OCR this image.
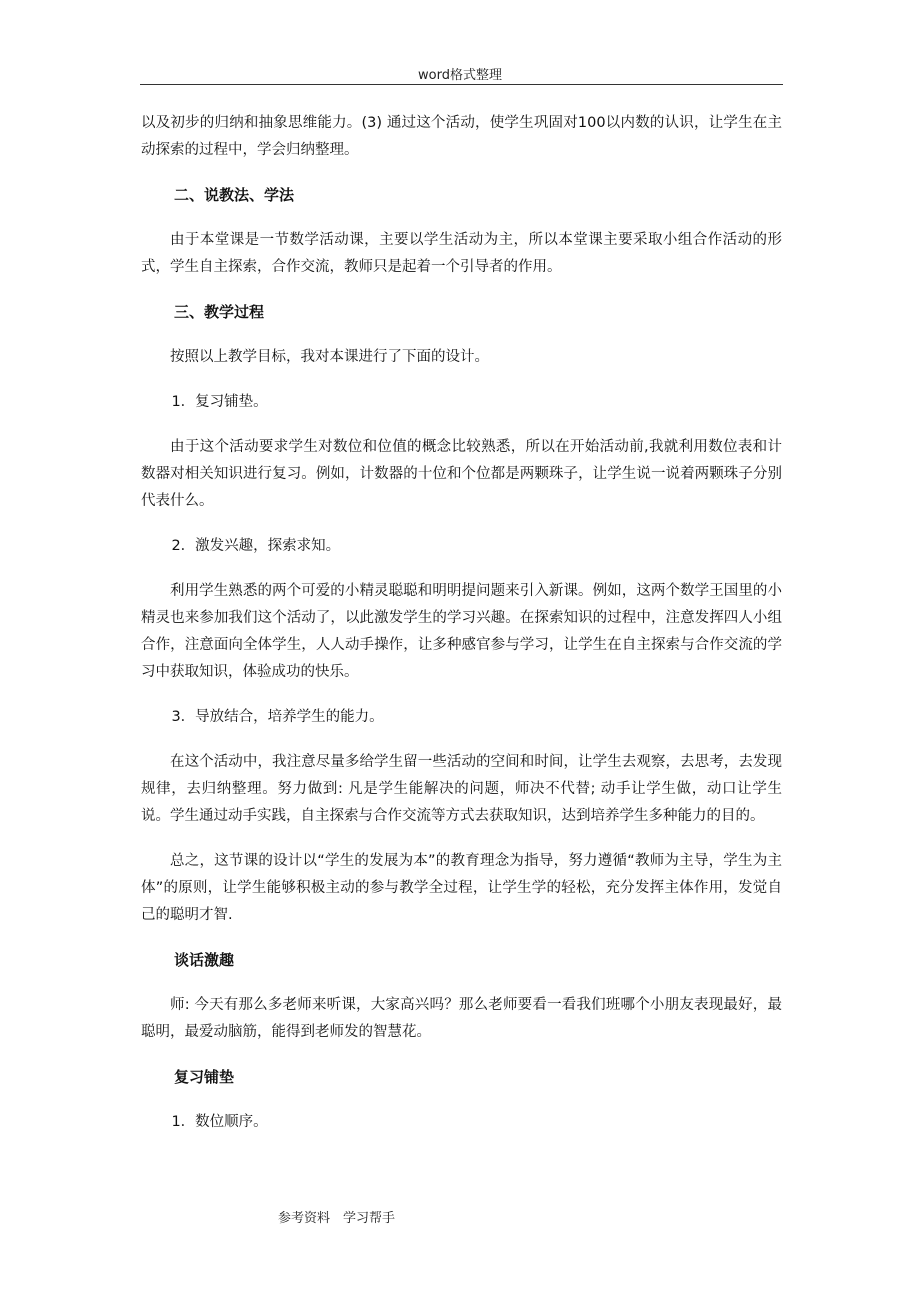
word格式整理

以及初步的归纳和抽象思维能力。(3) 通过这个活动，使学生巩固对100以内数的认识，让学生在主动探索的过程中，学会归纳整理。

二、说教法、学法

由于本堂课是一节数学活动课，主要以学生活动为主，所以本堂课主要采取小组合作活动的形式，学生自主探索，合作交流，教师只是起着一个引导者的作用。

三、教学过程

按照以上教学目标，我对本课进行了下面的设计。

1．复习铺垫。

由于这个活动要求学生对数位和位值的概念比较熟悉，所以在开始活动前,我就利用数位表和计数器对相关知识进行复习。例如，计数器的十位和个位都是两颗珠子，让学生说一说着两颗珠子分别代表什么。

2．激发兴趣，探索求知。

利用学生熟悉的两个可爱的小精灵聪聪和明明提问题来引入新课。例如，这两个数学王国里的小精灵也来参加我们这个活动了，以此激发学生的学习兴趣。在探索知识的过程中，注意发挥四人小组合作，注意面向全体学生，人人动手操作，让多种感官参与学习，让学生在自主探索与合作交流的学习中获取知识，体验成功的快乐。

3．导放结合，培养学生的能力。

在这个活动中，我注意尽量多给学生留一些活动的空间和时间，让学生去观察，去思考，去发现规律，去归纳整理。努力做到: 凡是学生能解决的问题，师决不代替; 动手让学生做，动口让学生说。学生通过动手实践，自主探索与合作交流等方式去获取知识，达到培养学生多种能力的目的。

总之，这节课的设计以“学生的发展为本”的教育理念为指导，努力遵循“教师为主导，学生为主体”的原则，让学生能够积极主动的参与教学全过程，让学生学的轻松，充分发挥主体作用，发觉自己的聪明才智.

谈话激趣

师: 今天有那么多老师来听课，大家高兴吗？那么老师要看一看我们班哪个小朋友表现最好，最聪明，最爱动脑筋，能得到老师发的智慧花。

复习铺垫
1．数位顺序。
参考资料　学习帮手
